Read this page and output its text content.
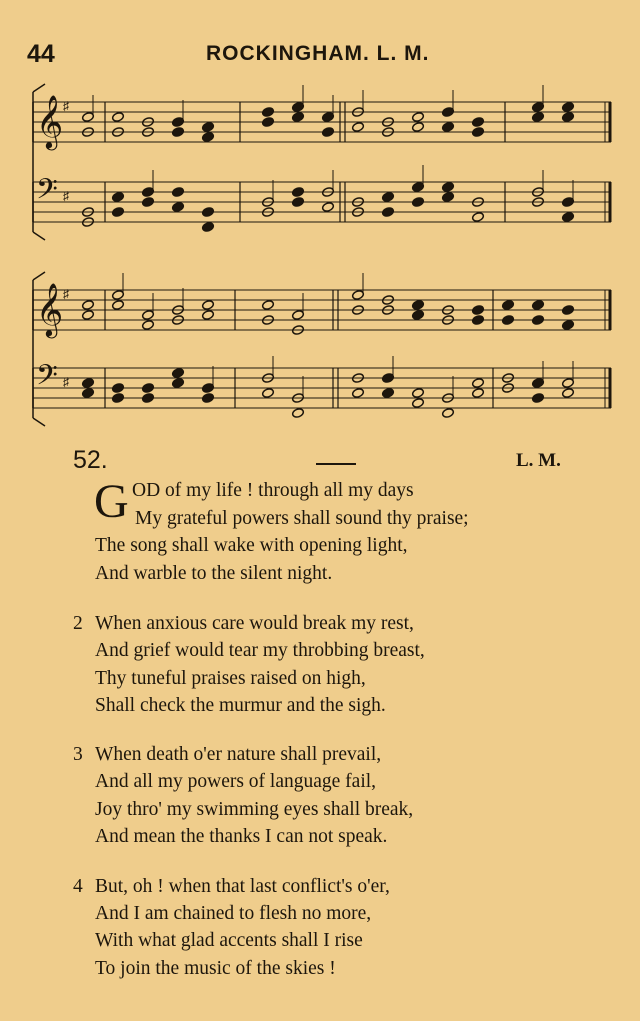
44	ROCKINGHAM. L. M.
𝄞 ♯
𝄢 ♯
𝄞 ♯
𝄢 ♯
52.	L. M.
G OD of my life ! through all my days
My grateful powers shall sound thy praise;
The song shall wake with opening light,
And warble to the silent night.
2 When anxious care would break my rest,
And grief would tear my throbbing breast,
Thy tuneful praises raised on high,
Shall check the murmur and the sigh.
3 When death o'er nature shall prevail,
And all my powers of language fail,
Joy thro' my swimming eyes shall break,
And mean the thanks I can not speak.
4 But, oh ! when that last conflict's o'er,
And I am chained to flesh no more,
With what glad accents shall I rise
To join the music of the skies !
